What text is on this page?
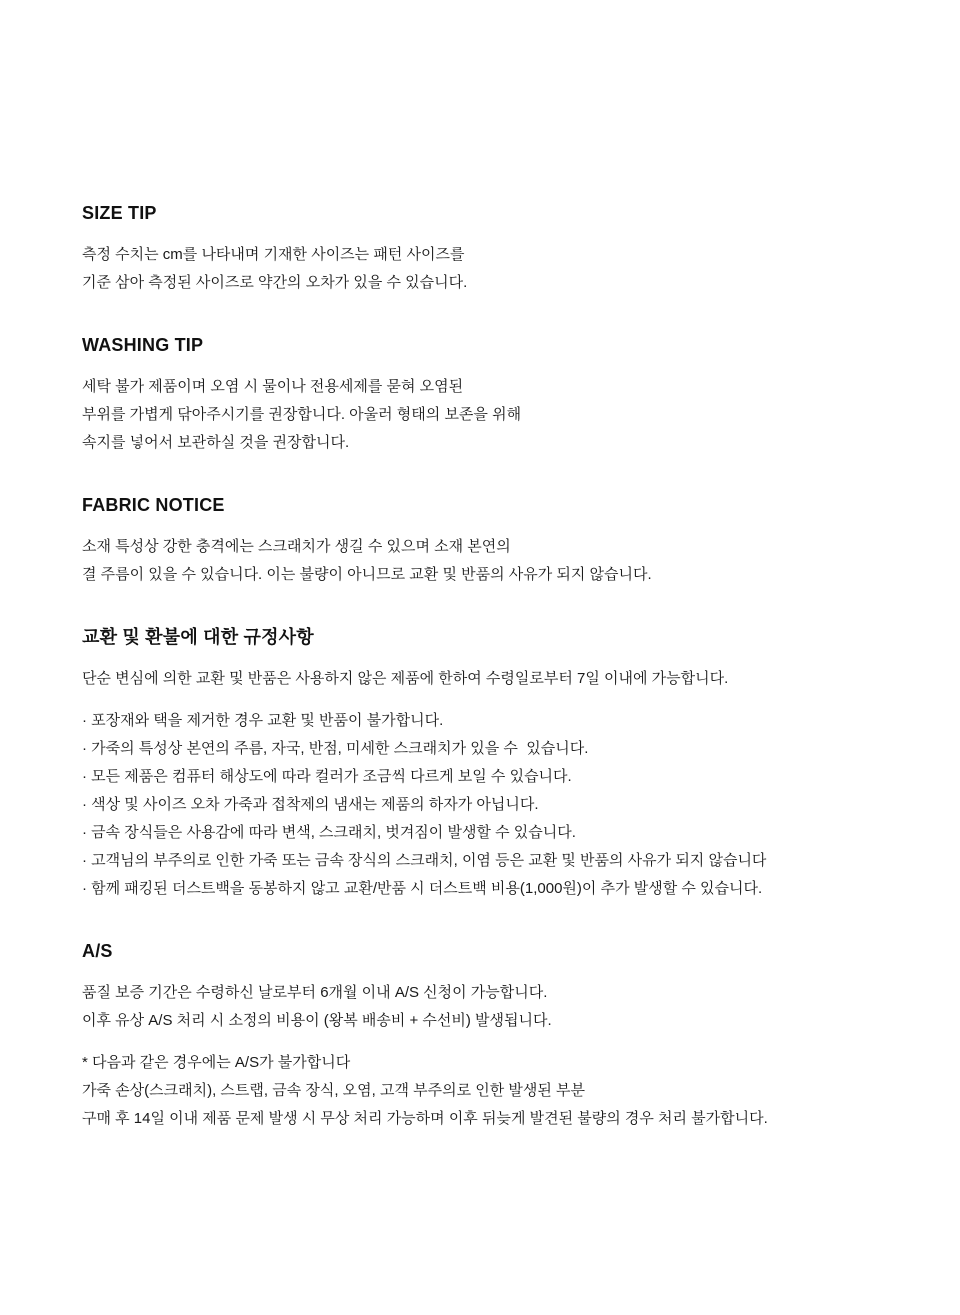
SIZE TIP

측정 수치는 cm를 나타내며 기재한 사이즈는 패턴 사이즈를
기준 삼아 측정된 사이즈로 약간의 오차가 있을 수 있습니다.

WASHING TIP

세탁 불가 제품이며 오염 시 물이나 전용세제를 묻혀 오염된
부위를 가볍게 닦아주시기를 권장합니다. 아울러 형태의 보존을 위해
속지를 넣어서 보관하실 것을 권장합니다.

FABRIC NOTICE

소재 특성상 강한 충격에는 스크래치가 생길 수 있으며 소재 본연의
결 주름이 있을 수 있습니다. 이는 불량이 아니므로 교환 및 반품의 사유가 되지 않습니다.

교환 및 환불에 대한 규정사항

단순 변심에 의한 교환 및 반품은 사용하지 않은 제품에 한하여 수령일로부터 7일 이내에 가능합니다.

· 포장재와 택을 제거한 경우 교환 및 반품이 불가합니다.
· 가죽의 특성상 본연의 주름, 자국, 반점, 미세한 스크래치가 있을 수  있습니다.
· 모든 제품은 컴퓨터 해상도에 따라 컬러가 조금씩 다르게 보일 수 있습니다.
· 색상 및 사이즈 오차 가죽과 접착제의 냄새는 제품의 하자가 아닙니다.
· 금속 장식들은 사용감에 따라 변색, 스크래치, 벗겨짐이 발생할 수 있습니다.
· 고객님의 부주의로 인한 가죽 또는 금속 장식의 스크래치, 이염 등은 교환 및 반품의 사유가 되지 않습니다
· 함께 패킹된 더스트백을 동봉하지 않고 교환/반품 시 더스트백 비용(1,000원)이 추가 발생할 수 있습니다.

A/S

품질 보증 기간은 수령하신 날로부터 6개월 이내 A/S 신청이 가능합니다.
이후 유상 A/S 처리 시 소정의 비용이 (왕복 배송비 + 수선비) 발생됩니다.

* 다음과 같은 경우에는 A/S가 불가합니다
가죽 손상(스크래치), 스트랩, 금속 장식, 오염, 고객 부주의로 인한 발생된 부분
구매 후 14일 이내 제품 문제 발생 시 무상 처리 가능하며 이후 뒤늦게 발견된 불량의 경우 처리 불가합니다.
